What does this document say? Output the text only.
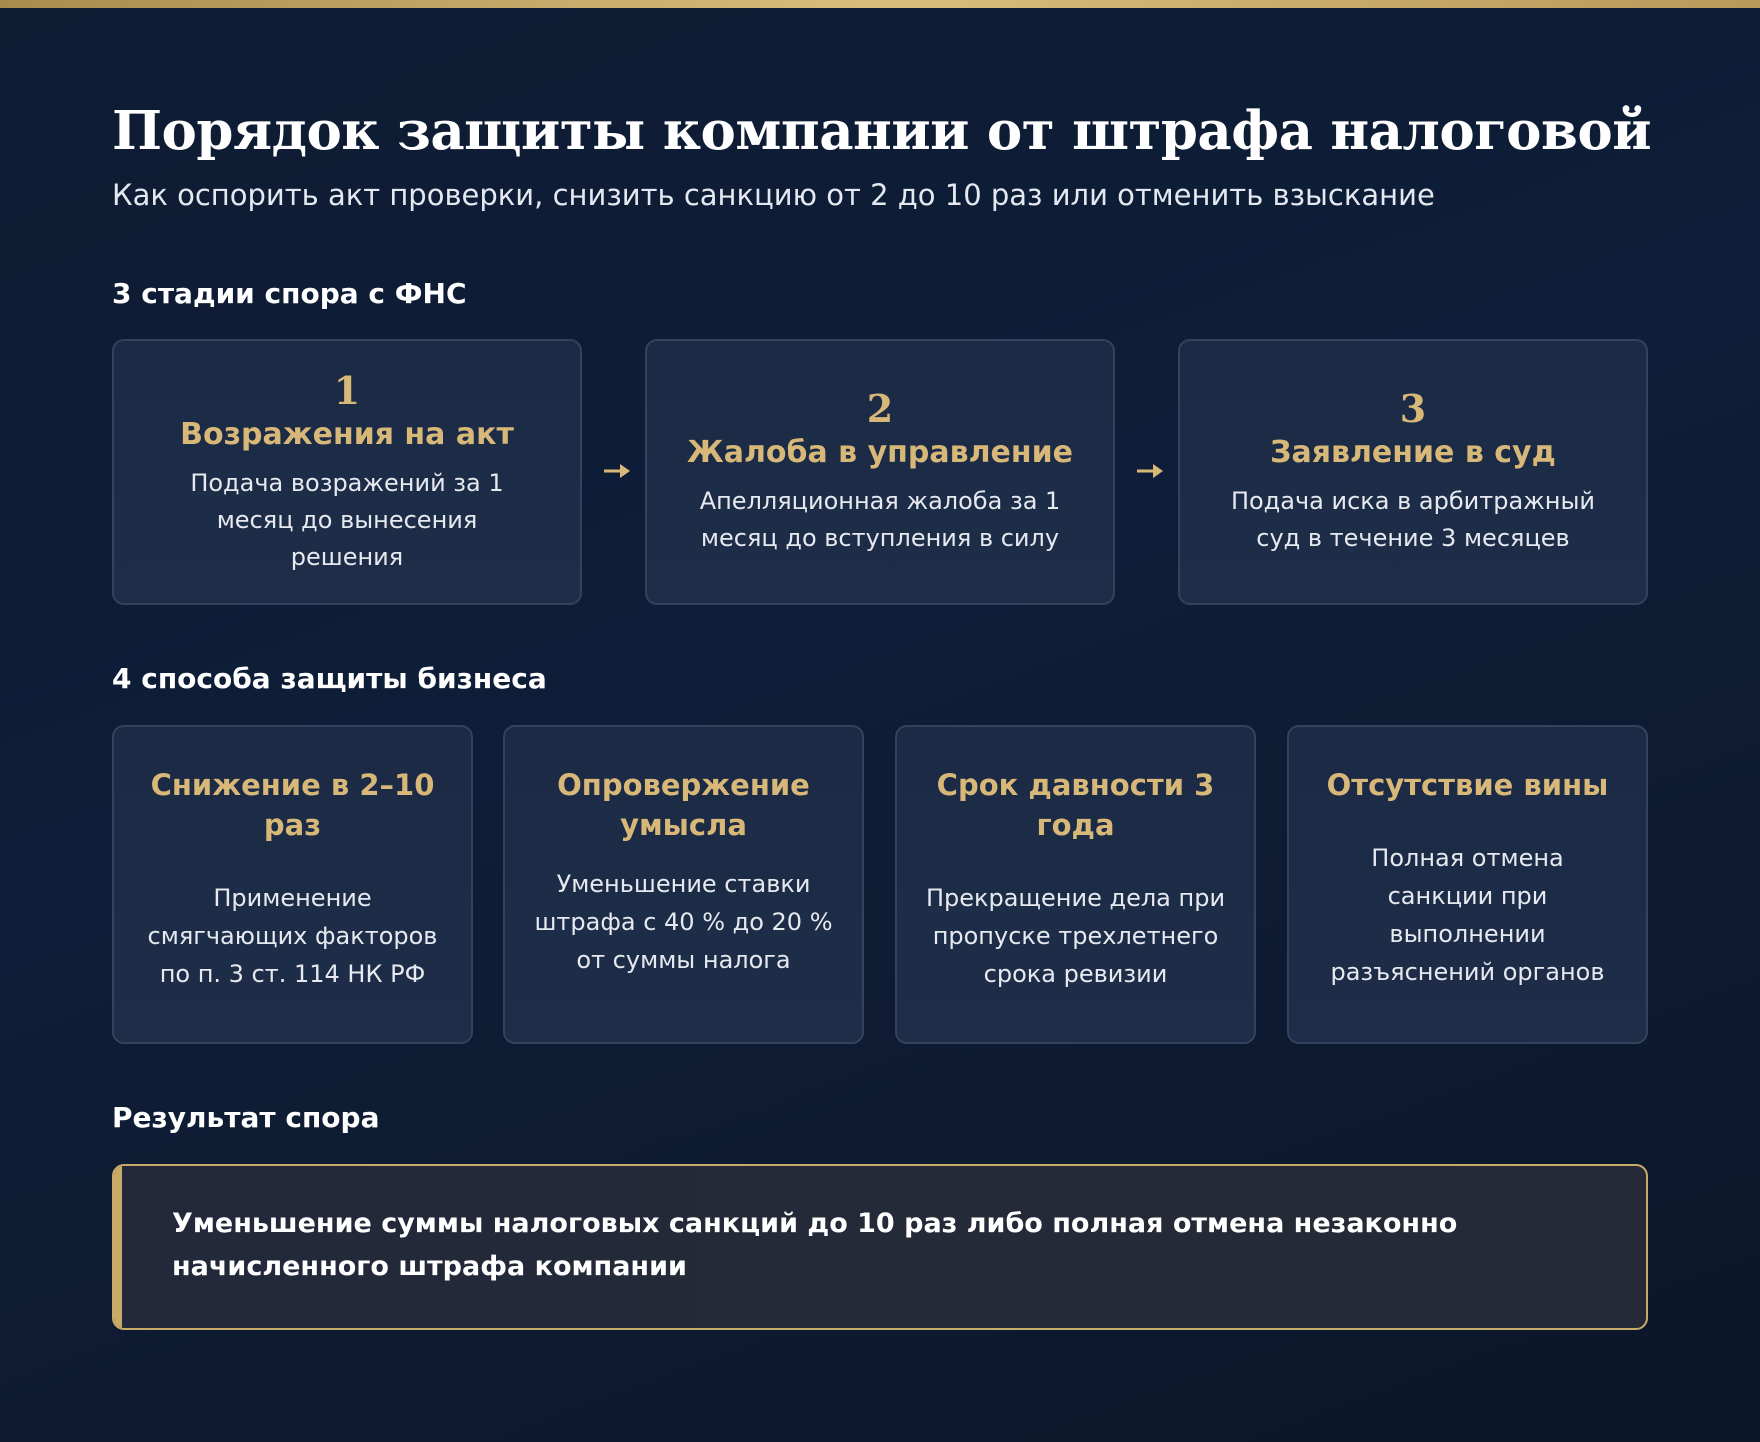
Порядок защиты компании от штрафа налоговой

Как оспорить акт проверки, снизить санкцию от 2 до 10 раз или отменить взыскание

3 стадии спора с ФНС
1
Возражения на акт
Подача возражений за 1 месяц до вынесения решения
2
Жалоба в управление
Апелляционная жалоба за 1 месяц до вступления в силу
3
Заявление в суд
Подача иска в арбитражный суд в течение 3 месяцев
4 способа защиты бизнеса
Снижение в 2–10 раз
Применение смягчающих факторов по п. 3 ст. 114 НК РФ
Опровержение умысла
Уменьшение ставки штрафа с 40 % до 20 % от суммы налога
Срок давности 3 года
Прекращение дела при пропуске трехлетнего срока ревизии
Отсутствие вины
Полная отмена санкции при выполнении разъяснений органов
Результат спора
Уменьшение суммы налоговых санкций до 10 раз либо полная отмена незаконно начисленного штрафа компании
